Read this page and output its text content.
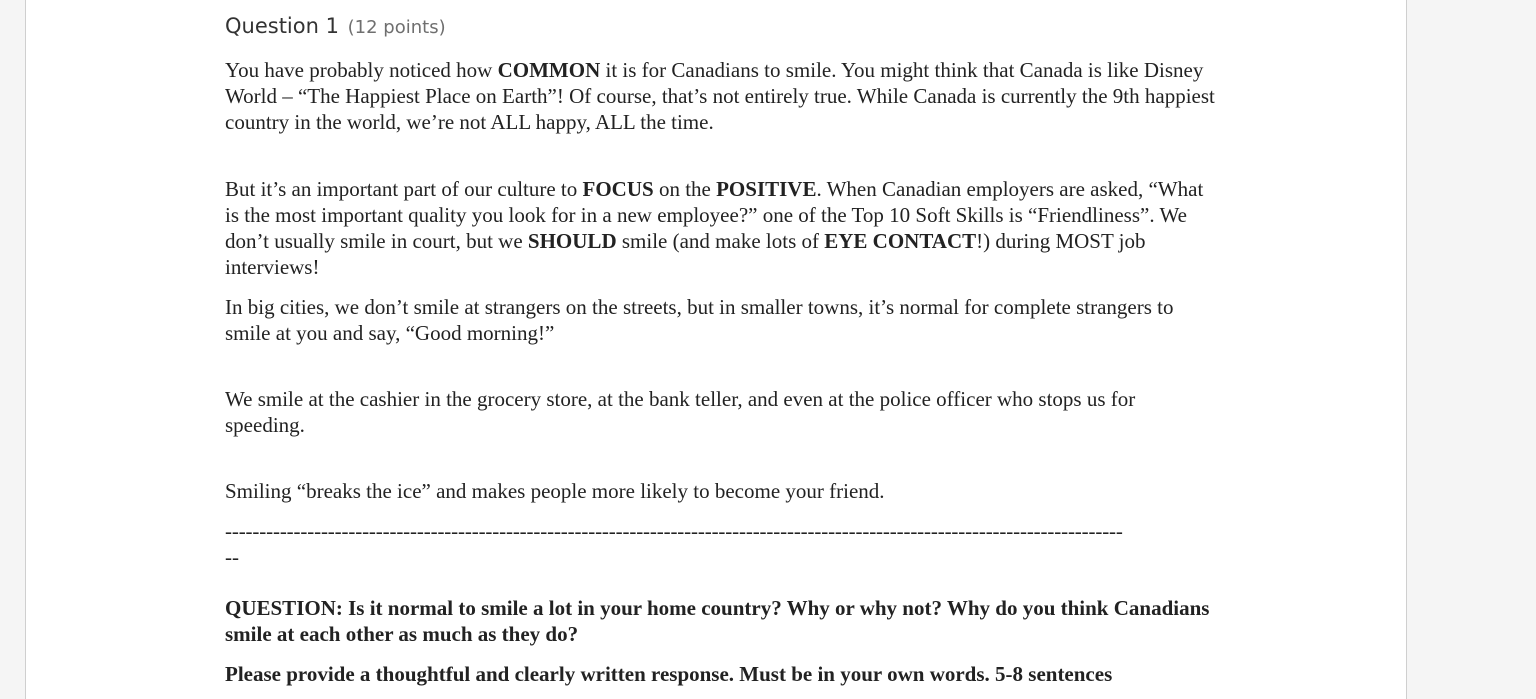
Question 1 (12 points)

You have probably noticed how COMMON it is for Canadians to smile. You might think that Canada is like Disney World – “The Happiest Place on Earth”! Of course, that’s not entirely true. While Canada is currently the 9th happiest country in the world, we’re not ALL happy, ALL the time.

But it’s an important part of our culture to FOCUS on the POSITIVE. When Canadian employers are asked, “What is the most important quality you look for in a new employee?” one of the Top 10 Soft Skills is “Friendliness”. We don’t usually smile in court, but we SHOULD smile (and make lots of EYE CONTACT!) during MOST job interviews!

In big cities, we don’t smile at strangers on the streets, but in smaller towns, it’s normal for complete strangers to smile at you and say, “Good morning!”

We smile at the cashier in the grocery store, at the bank teller, and even at the police officer who stops us for speeding.

Smiling “breaks the ice” and makes people more likely to become your friend.

-----------------------------------------------------------------------------------------------------------------------------------

--

QUESTION: Is it normal to smile a lot in your home country? Why or why not? Why do you think Canadians smile at each other as much as they do?

Please provide a thoughtful and clearly written response. Must be in your own words. 5-8 sentences
